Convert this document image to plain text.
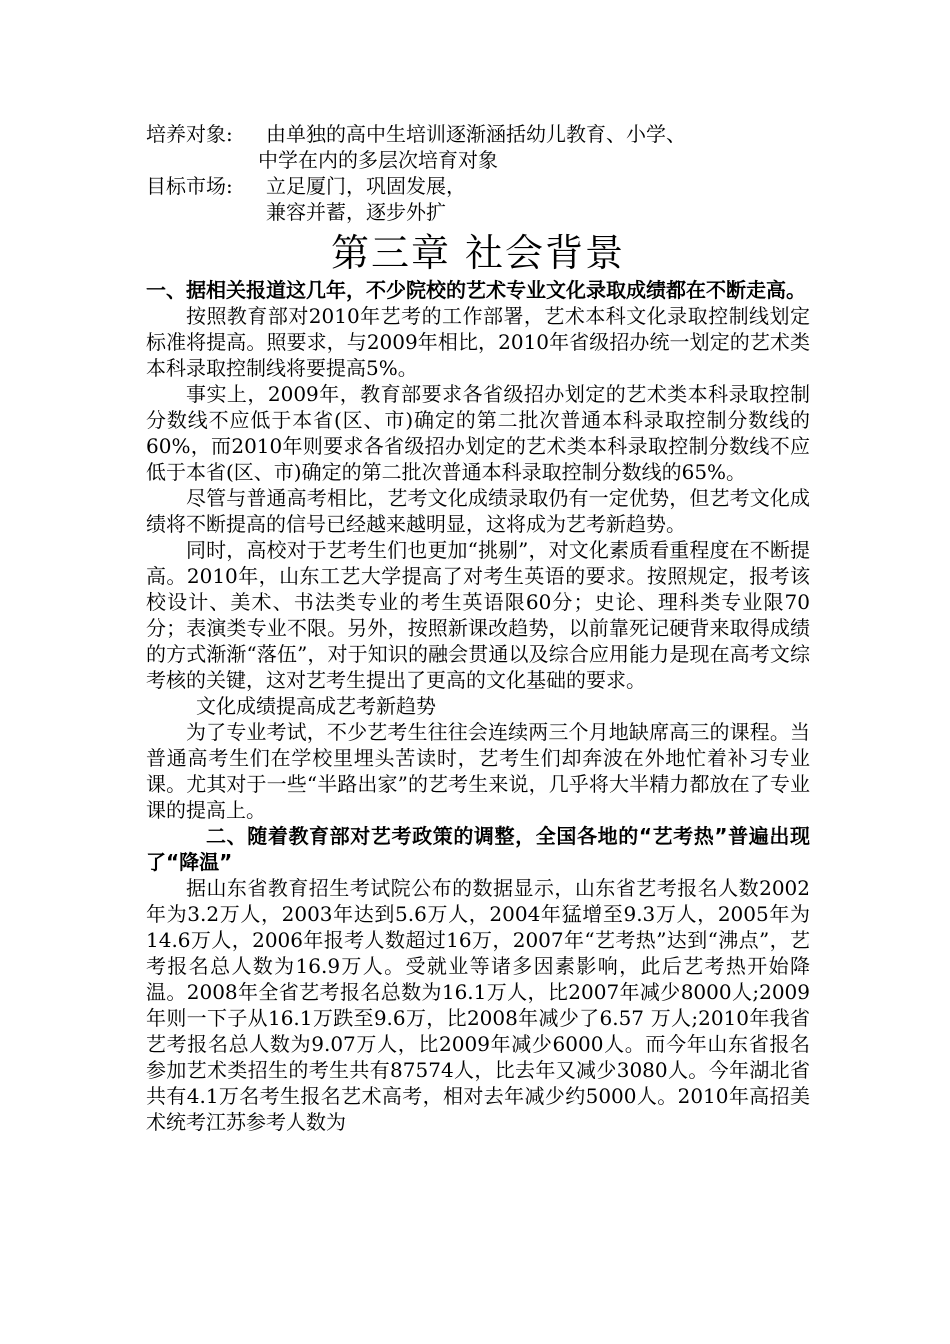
培养对象: 由单独的高中生培训逐渐涵括幼儿教育、小学、
中学在内的多层次培育对象
目标市场: 立足厦门，巩固发展，
兼容并蓄，逐步外扩
第三章 社会背景
一、据相关报道这几年，不少院校的艺术专业文化录取成绩都在不断走高。

按照教育部对2010年艺考的工作部署，艺术本科文化录取控制线划定标准将提高。照要求，与2009年相比，2010年省级招办统一划定的艺术类本科录取控制线将要提高5%。

事实上，2009年，教育部要求各省级招办划定的艺术类本科录取控制分数线不应低于本省(区、市)确定的第二批次普通本科录取控制分数线的60%，而2010年则要求各省级招办划定的艺术类本科录取控制分数线不应低于本省(区、市)确定的第二批次普通本科录取控制分数线的65%。

尽管与普通高考相比，艺考文化成绩录取仍有一定优势，但艺考文化成绩将不断提高的信号已经越来越明显，这将成为艺考新趋势。

同时，高校对于艺考生们也更加“挑剔”，对文化素质看重程度在不断提高。2010年，山东工艺大学提高了对考生英语的要求。按照规定，报考该校设计、美术、书法类专业的考生英语限60分；史论、理科类专业限70分；表演类专业不限。另外，按照新课改趋势，以前靠死记硬背来取得成绩的方式渐渐“落伍”，对于知识的融会贯通以及综合应用能力是现在高考文综考核的关键，这对艺考生提出了更高的文化基础的要求。

文化成绩提高成艺考新趋势

为了专业考试，不少艺考生往往会连续两三个月地缺席高三的课程。当普通高考生们在学校里埋头苦读时，艺考生们却奔波在外地忙着补习专业课。尤其对于一些“半路出家”的艺考生来说，几乎将大半精力都放在了专业课的提高上。

二、随着教育部对艺考政策的调整，全国各地的“艺考热”普遍出现了“降温”

据山东省教育招生考试院公布的数据显示，山东省艺考报名人数2002年为3.2万人，2003年达到5.6万人，2004年猛增至9.3万人，2005年为14.6万人，2006年报考人数超过16万，2007年“艺考热”达到“沸点”，艺考报名总人数为16.9万人。受就业等诸多因素影响，此后艺考热开始降温。2008年全省艺考报名总数为16.1万人，比2007年减少8000人;2009年则一下子从16.1万跌至9.6万，比2008年减少了6.57 万人;2010年我省艺考报名总人数为9.07万人，比2009年减少6000人。而今年山东省报名参加艺术类招生的考生共有87574人，比去年又减少3080人。今年湖北省共有4.1万名考生报名艺术高考，相对去年减少约5000人。2010年高招美术统考江苏参考人数为
